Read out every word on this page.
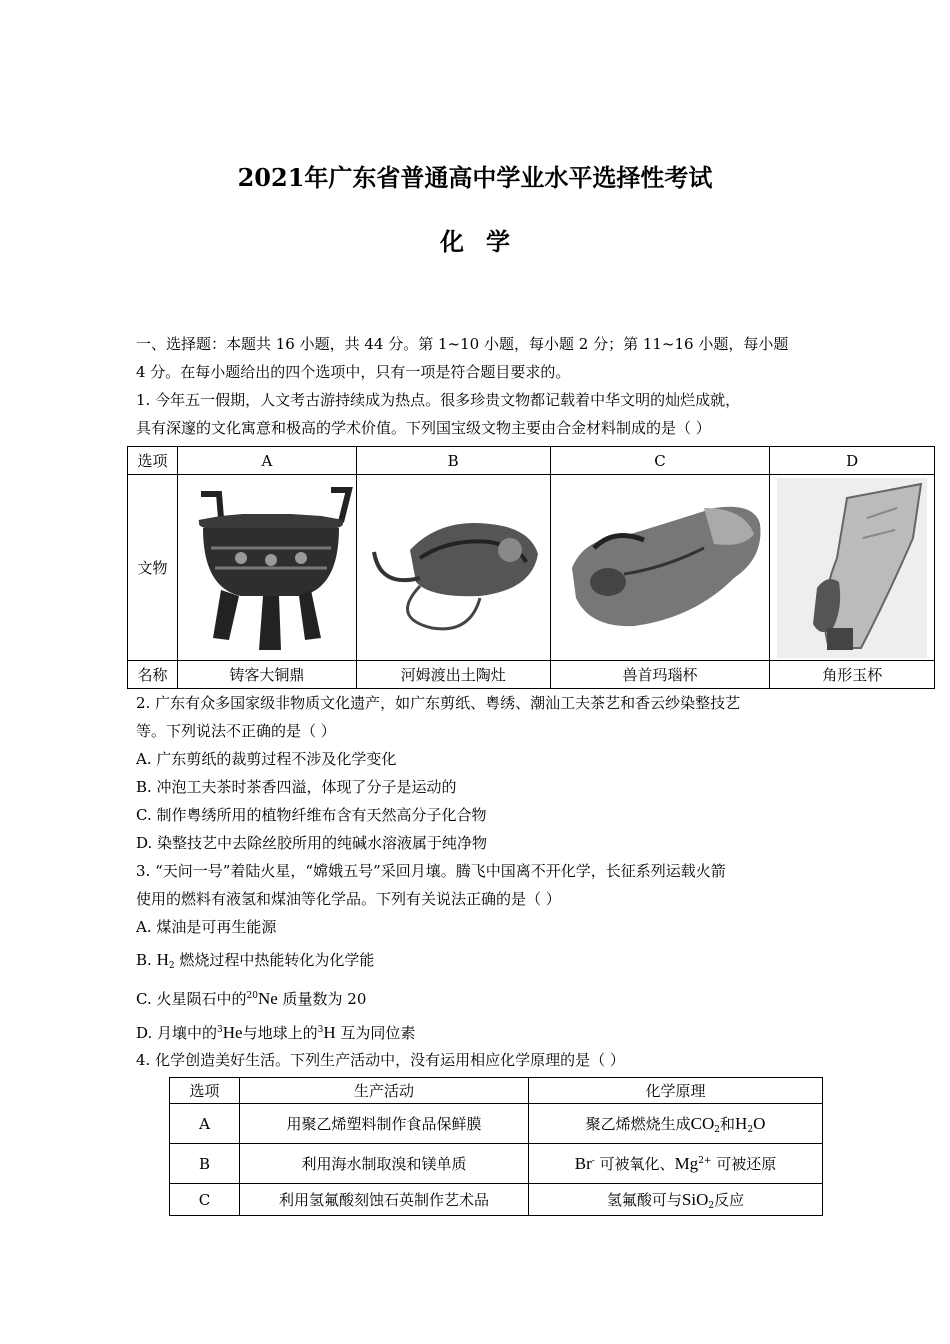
2021年广东省普通高中学业水平选择性考试
化学
一、选择题：本题共 16 小题，共 44 分。第 1~10 小题，每小题 2 分；第 11~16 小题，每小题
4 分。在每小题给出的四个选项中，只有一项是符合题目要求的。
1. 今年五一假期，人文考古游持续成为热点。很多珍贵文物都记载着中华文明的灿烂成就，
具有深邃的文化寓意和极高的学术价值。下列国宝级文物主要由合金材料制成的是（ ）
选项	A	B	C	D
文物	

名称	铸客大铜鼎	河姆渡出土陶灶	兽首玛瑙杯	角形玉杯
2. 广东有众多国家级非物质文化遗产，如广东剪纸、粤绣、潮汕工夫茶艺和香云纱染整技艺
等。下列说法不正确的是（ ）
A. 广东剪纸的裁剪过程不涉及化学变化
B. 冲泡工夫茶时茶香四溢，体现了分子是运动的
C. 制作粤绣所用的植物纤维布含有天然高分子化合物
D. 染整技艺中去除丝胶所用的纯碱水溶液属于纯净物
3. “天问一号”着陆火星，“嫦娥五号”采回月壤。腾飞中国离不开化学，长征系列运载火箭
使用的燃料有液氢和煤油等化学品。下列有关说法正确的是（ ）
A. 煤油是可再生能源
B. $H_2$ 燃烧过程中热能转化为化学能
C. 火星陨石中的$^{20}$Ne 质量数为 20
D. 月壤中的$^3$He与地球上的$^3$H 互为同位素
4. 化学创造美好生活。下列生产活动中，没有运用相应化学原理的是（ ）
选项	生产活动	化学原理
A	用聚乙烯塑料制作食品保鲜膜	聚乙烯燃烧生成$CO_2$和$H_2O$
B	利用海水制取溴和镁单质	Br- 可被氧化、$Mg^{2+}$ 可被还原
C	利用氢氟酸刻蚀石英制作艺术品	氢氟酸可与SiO$_2$反应
